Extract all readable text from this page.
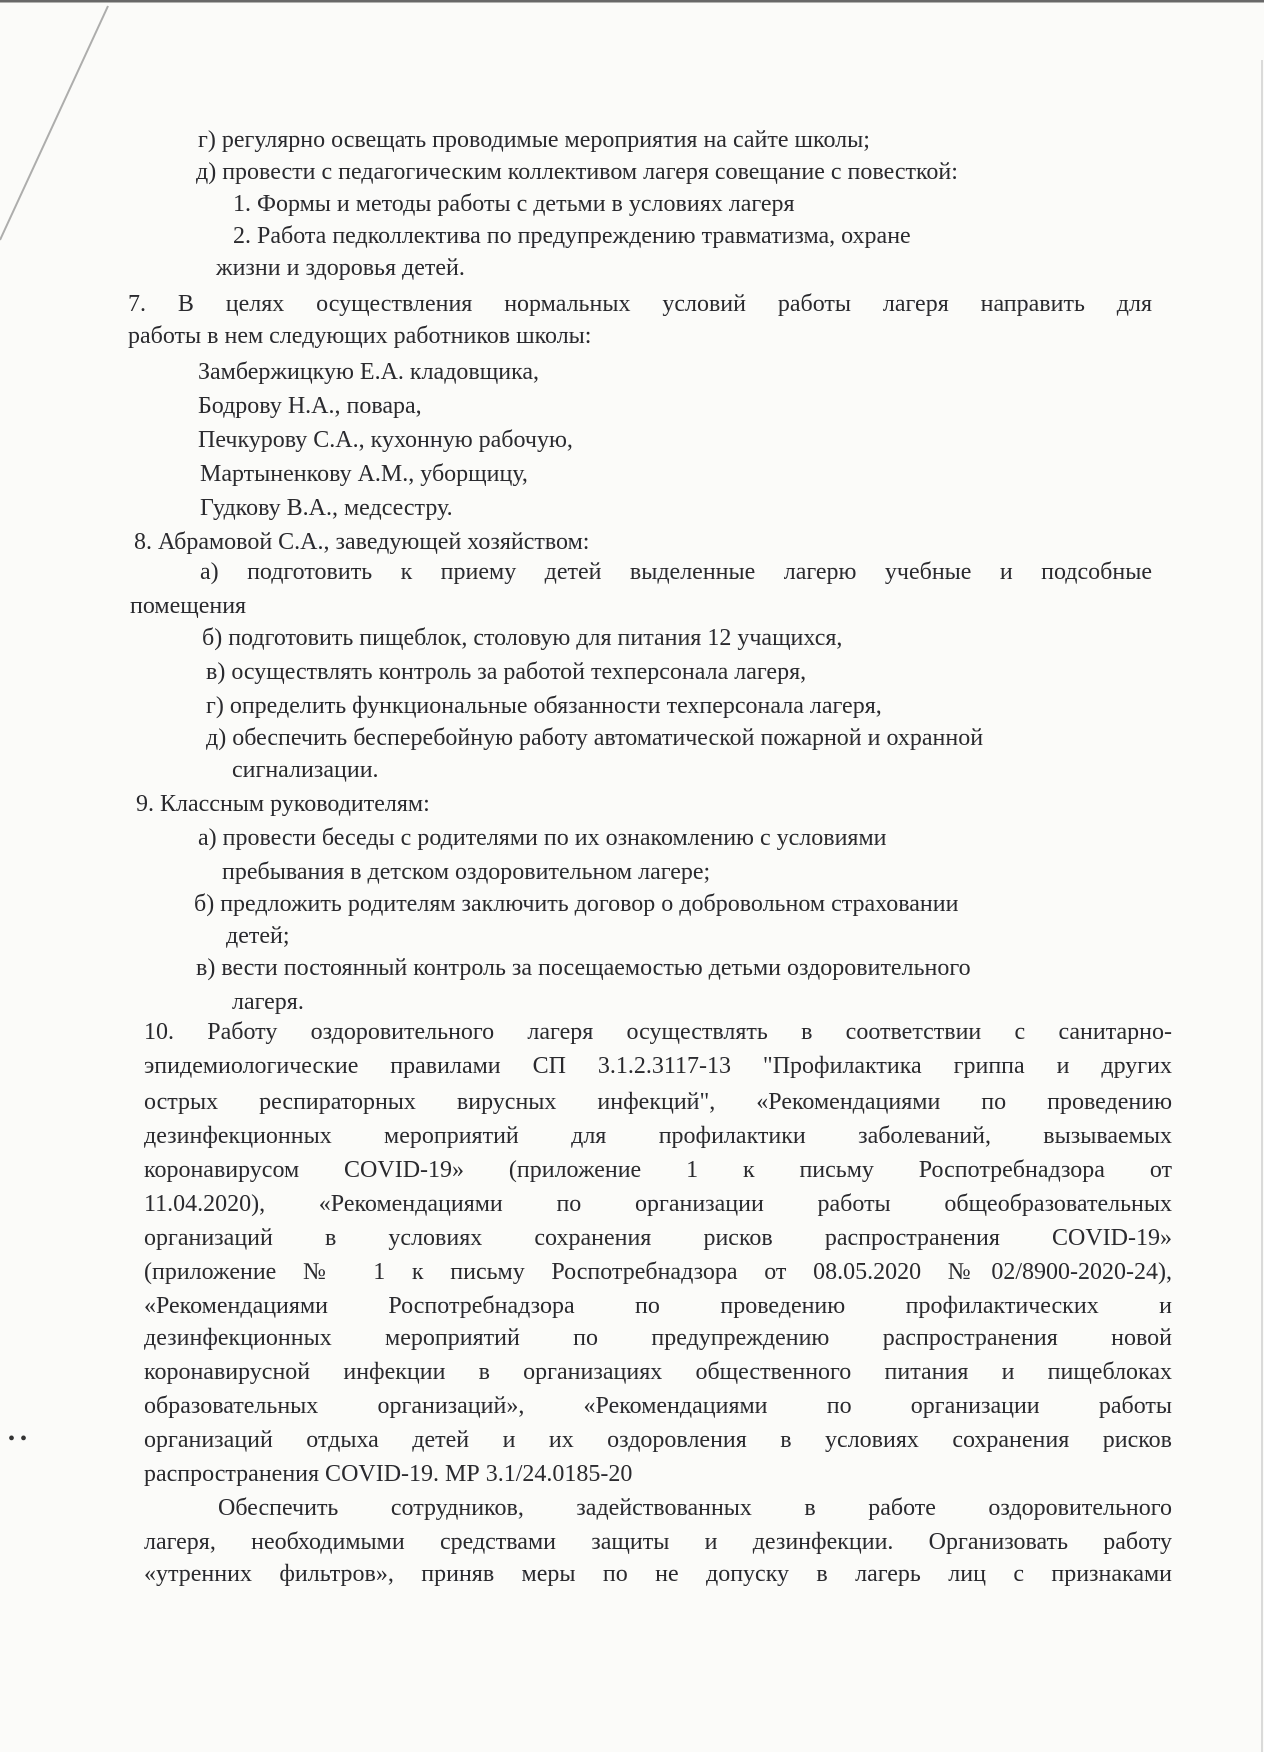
г) регулярно освещать проводимые мероприятия на сайте школы;
д) провести с педагогическим коллективом лагеря совещание с повесткой:
1. Формы и методы работы с детьми в условиях лагеря
2. Работа педколлектива по предупреждению травматизма, охране
жизни и здоровья детей.
7. В целях осуществления нормальных условий работы лагеря направить для
работы в нем следующих работников школы:
Замбержицкую Е.А. кладовщика,
Бодрову Н.А., повара,
Печкурову С.А., кухонную рабочую,
Мартыненкову А.М., уборщицу,
Гудкову В.А., медсестру.
8. Абрамовой С.А., заведующей хозяйством:
а) подготовить к приему детей выделенные лагерю учебные и подсобные
помещения
б) подготовить пищеблок, столовую для питания 12 учащихся,
в) осуществлять контроль за работой техперсонала лагеря,
г) определить функциональные обязанности техперсонала лагеря,
д) обеспечить бесперебойную работу автоматической пожарной и охранной
сигнализации.
9. Классным руководителям:
а) провести беседы с родителями по их ознакомлению с условиями
пребывания в детском оздоровительном лагере;
б) предложить родителям заключить договор о добровольном страховании
детей;
в) вести постоянный контроль за посещаемостью детьми оздоровительного
лагеря.
10. Работу оздоровительного лагеря осуществлять в соответствии с санитарно-
эпидемиологические правилами СП 3.1.2.3117-13 "Профилактика гриппа и других
острых респираторных вирусных инфекций", «Рекомендациями по проведению
дезинфекционных мероприятий для профилактики заболеваний, вызываемых
коронавирусом COVID-19» (приложение 1 к письму Роспотребнадзора от
11.04.2020), «Рекомендациями по организации работы общеобразовательных
организаций в условиях сохранения рисков распространения COVID-19»
(приложение № 1 к письму Роспотребнадзора от 08.05.2020 №02/8900-2020-24),
«Рекомендациями Роспотребнадзора по проведению профилактических и
дезинфекционных мероприятий по предупреждению распространения новой
коронавирусной инфекции в организациях общественного питания и пищеблоках
образовательных организаций», «Рекомендациями по организации работы
организаций отдыха детей и их оздоровления в условиях сохранения рисков
распространения COVID-19. МР 3.1/24.0185-20
Обеспечить сотрудников, задействованных в работе оздоровительного
лагеря, необходимыми средствами защиты и дезинфекции. Организовать работу
«утренних фильтров», приняв меры по не допуску в лагерь лиц с признаками
• •
